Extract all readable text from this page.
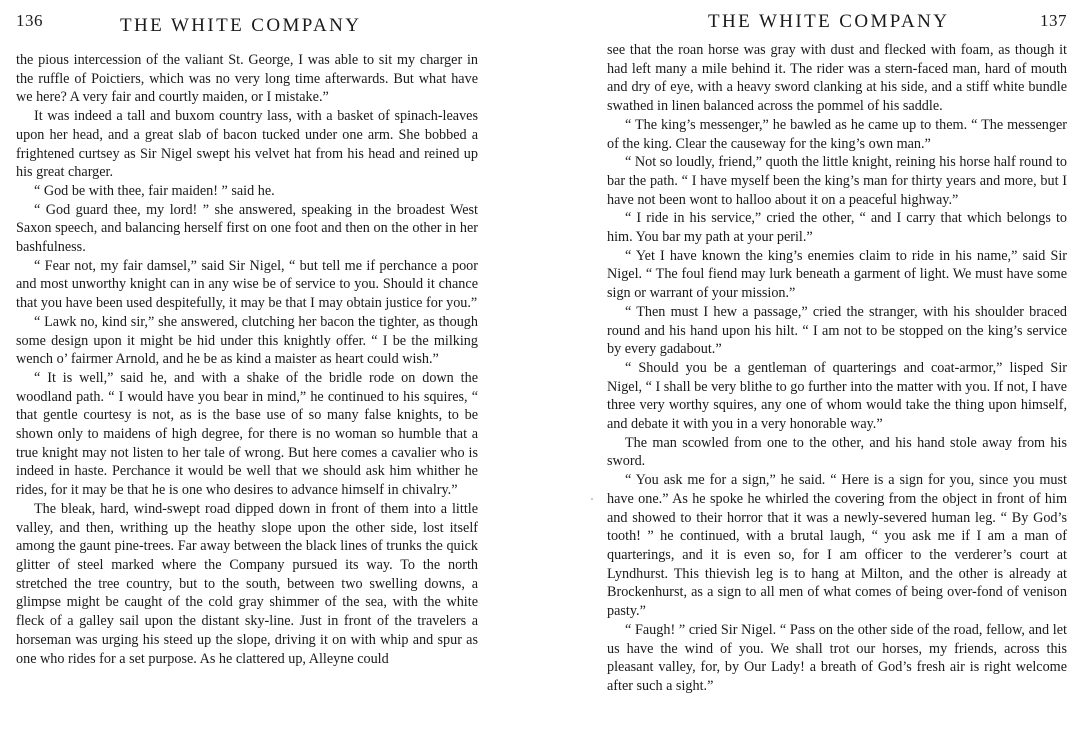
136	THE WHITE COMPANY

the pious intercession of the valiant St. George, I was able to sit my charger in the ruffle of Poictiers, which was no very long time afterwards. But what have we here? A very fair and courtly maiden, or I mistake.”

It was indeed a tall and buxom country lass, with a basket of spinach-leaves upon her head, and a great slab of bacon tucked under one arm. She bobbed a frightened curtsey as Sir Nigel swept his velvet hat from his head and reined up his great charger.

“ God be with thee, fair maiden! ” said he.

“ God guard thee, my lord! ” she answered, speaking in the broadest West Saxon speech, and balancing herself first on one foot and then on the other in her bashfulness.

“ Fear not, my fair damsel,” said Sir Nigel, “ but tell me if perchance a poor and most unworthy knight can in any wise be of service to you. Should it chance that you have been used despitefully, it may be that I may obtain justice for you.”

“ Lawk no, kind sir,” she answered, clutching her bacon the tighter, as though some design upon it might be hid under this knightly offer. “ I be the milking wench o’ fairmer Arnold, and he be as kind a maister as heart could wish.”

“ It is well,” said he, and with a shake of the bridle rode on down the woodland path. “ I would have you bear in mind,” he continued to his squires, “ that gentle courtesy is not, as is the base use of so many false knights, to be shown only to maidens of high degree, for there is no woman so humble that a true knight may not listen to her tale of wrong. But here comes a cavalier who is indeed in haste. Perchance it would be well that we should ask him whither he rides, for it may be that he is one who desires to advance himself in chivalry.”

The bleak, hard, wind-swept road dipped down in front of them into a little valley, and then, writhing up the heathy slope upon the other side, lost itself among the gaunt pine-trees. Far away between the black lines of trunks the quick glitter of steel marked where the Company pursued its way. To the north stretched the tree country, but to the south, between two swelling downs, a glimpse might be caught of the cold gray shimmer of the sea, with the white fleck of a galley sail upon the distant sky-line. Just in front of the travelers a horseman was urging his steed up the slope, driving it on with whip and spur as one who rides for a set purpose. As he clattered up, Alleyne could

THE WHITE COMPANY	137

see that the roan horse was gray with dust and flecked with foam, as though it had left many a mile behind it. The rider was a stern-faced man, hard of mouth and dry of eye, with a heavy sword clanking at his side, and a stiff white bundle swathed in linen balanced across the pommel of his saddle.

“ The king’s messenger,” he bawled as he came up to them. “ The messenger of the king. Clear the causeway for the king’s own man.”

“ Not so loudly, friend,” quoth the little knight, reining his horse half round to bar the path. “ I have myself been the king’s man for thirty years and more, but I have not been wont to halloo about it on a peaceful highway.”

“ I ride in his service,” cried the other, “ and I carry that which belongs to him. You bar my path at your peril.”

“ Yet I have known the king’s enemies claim to ride in his name,” said Sir Nigel. “ The foul fiend may lurk beneath a garment of light. We must have some sign or warrant of your mission.”

“ Then must I hew a passage,” cried the stranger, with his shoulder braced round and his hand upon his hilt. “ I am not to be stopped on the king’s service by every gadabout.”

“ Should you be a gentleman of quarterings and coat-armor,” lisped Sir Nigel, “ I shall be very blithe to go further into the matter with you. If not, I have three very worthy squires, any one of whom would take the thing upon himself, and debate it with you in a very honorable way.”

The man scowled from one to the other, and his hand stole away from his sword.

“ You ask me for a sign,” he said. “ Here is a sign for you, since you must have one.” As he spoke he whirled the covering from the object in front of him and showed to their horror that it was a newly-severed human leg. “ By God’s tooth! ” he continued, with a brutal laugh, “ you ask me if I am a man of quarterings, and it is even so, for I am officer to the verderer’s court at Lyndhurst. This thievish leg is to hang at Milton, and the other is already at Brockenhurst, as a sign to all men of what comes of being over-fond of venison pasty.”

“ Faugh! ” cried Sir Nigel. “ Pass on the other side of the road, fellow, and let us have the wind of you. We shall trot our horses, my friends, across this pleasant valley, for, by Our Lady! a breath of God’s fresh air is right welcome after such a sight.”
